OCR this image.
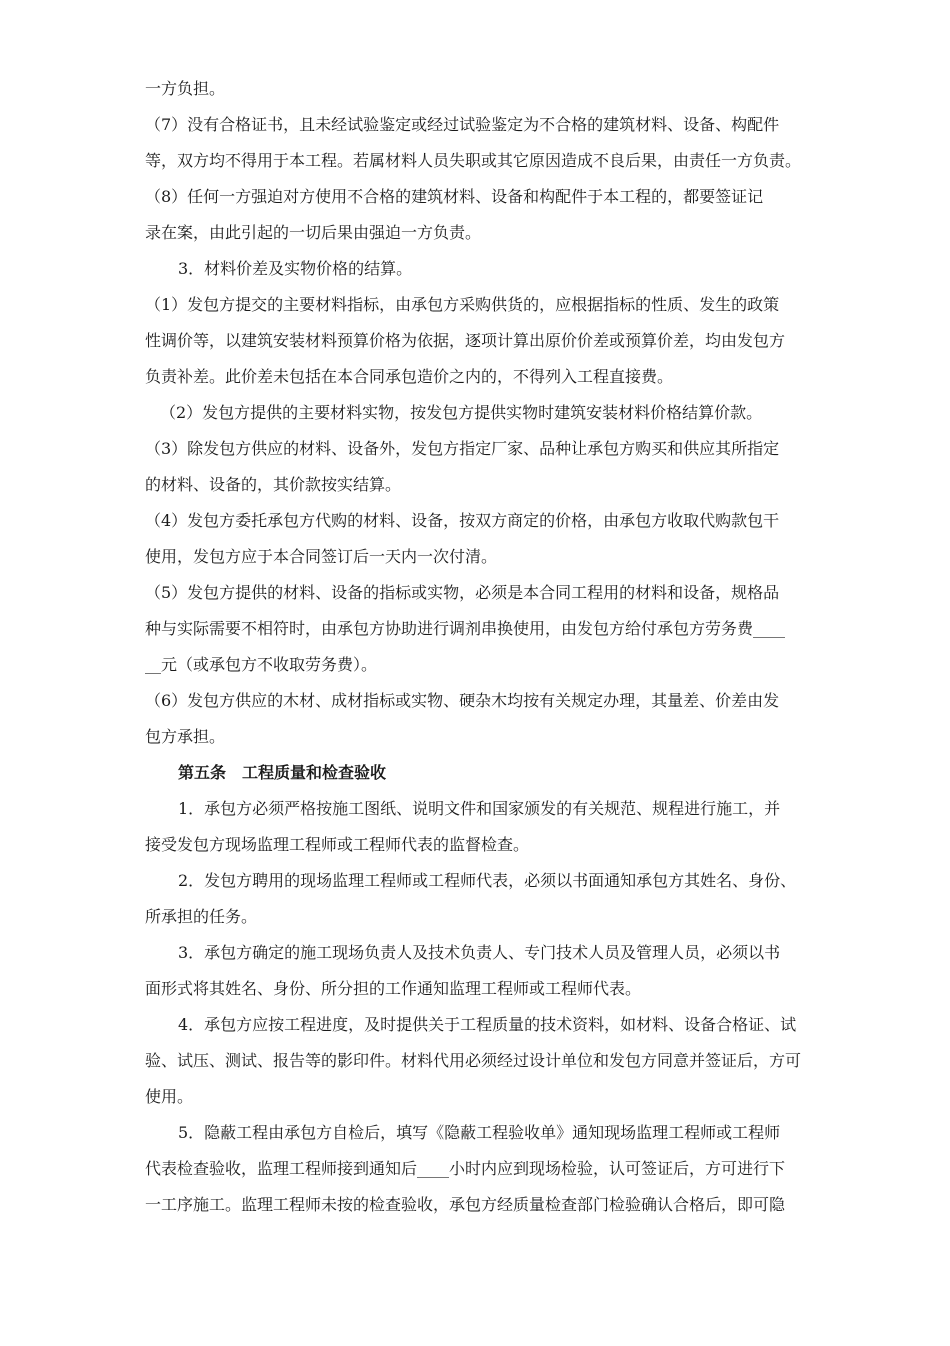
一方负担。
（7）没有合格证书，且未经试验鉴定或经过试验鉴定为不合格的建筑材料、设备、构配件
等，双方均不得用于本工程。若属材料人员失职或其它原因造成不良后果，由责任一方负责。
（8）任何一方强迫对方使用不合格的建筑材料、设备和构配件于本工程的，都要签证记
录在案，由此引起的一切后果由强迫一方负责。
3．材料价差及实物价格的结算。
（1）发包方提交的主要材料指标，由承包方采购供货的，应根据指标的性质、发生的政策
性调价等，以建筑安装材料预算价格为依据，逐项计算出原价价差或预算价差，均由发包方
负责补差。此价差未包括在本合同承包造价之内的，不得列入工程直接费。
（2）发包方提供的主要材料实物，按发包方提供实物时建筑安装材料价格结算价款。
（3）除发包方供应的材料、设备外，发包方指定厂家、品种让承包方购买和供应其所指定
的材料、设备的，其价款按实结算。
（4）发包方委托承包方代购的材料、设备，按双方商定的价格，由承包方收取代购款包干
使用，发包方应于本合同签订后一天内一次付清。
（5）发包方提供的材料、设备的指标或实物，必须是本合同工程用的材料和设备，规格品
种与实际需要不相符时，由承包方协助进行调剂串换使用，由发包方给付承包方劳务费____
__元（或承包方不收取劳务费）。
（6）发包方供应的木材、成材指标或实物、硬杂木均按有关规定办理，其量差、价差由发
包方承担。
第五条　工程质量和检查验收
1．承包方必须严格按施工图纸、说明文件和国家颁发的有关规范、规程进行施工，并
接受发包方现场监理工程师或工程师代表的监督检查。
2．发包方聘用的现场监理工程师或工程师代表，必须以书面通知承包方其姓名、身份、
所承担的任务。
3．承包方确定的施工现场负责人及技术负责人、专门技术人员及管理人员，必须以书
面形式将其姓名、身份、所分担的工作通知监理工程师或工程师代表。
4．承包方应按工程进度，及时提供关于工程质量的技术资料，如材料、设备合格证、试
验、试压、测试、报告等的影印件。材料代用必须经过设计单位和发包方同意并签证后，方可
使用。
5．隐蔽工程由承包方自检后，填写《隐蔽工程验收单》通知现场监理工程师或工程师
代表检查验收，监理工程师接到通知后____小时内应到现场检验，认可签证后，方可进行下
一工序施工。监理工程师未按的检查验收，承包方经质量检查部门检验确认合格后，即可隐
